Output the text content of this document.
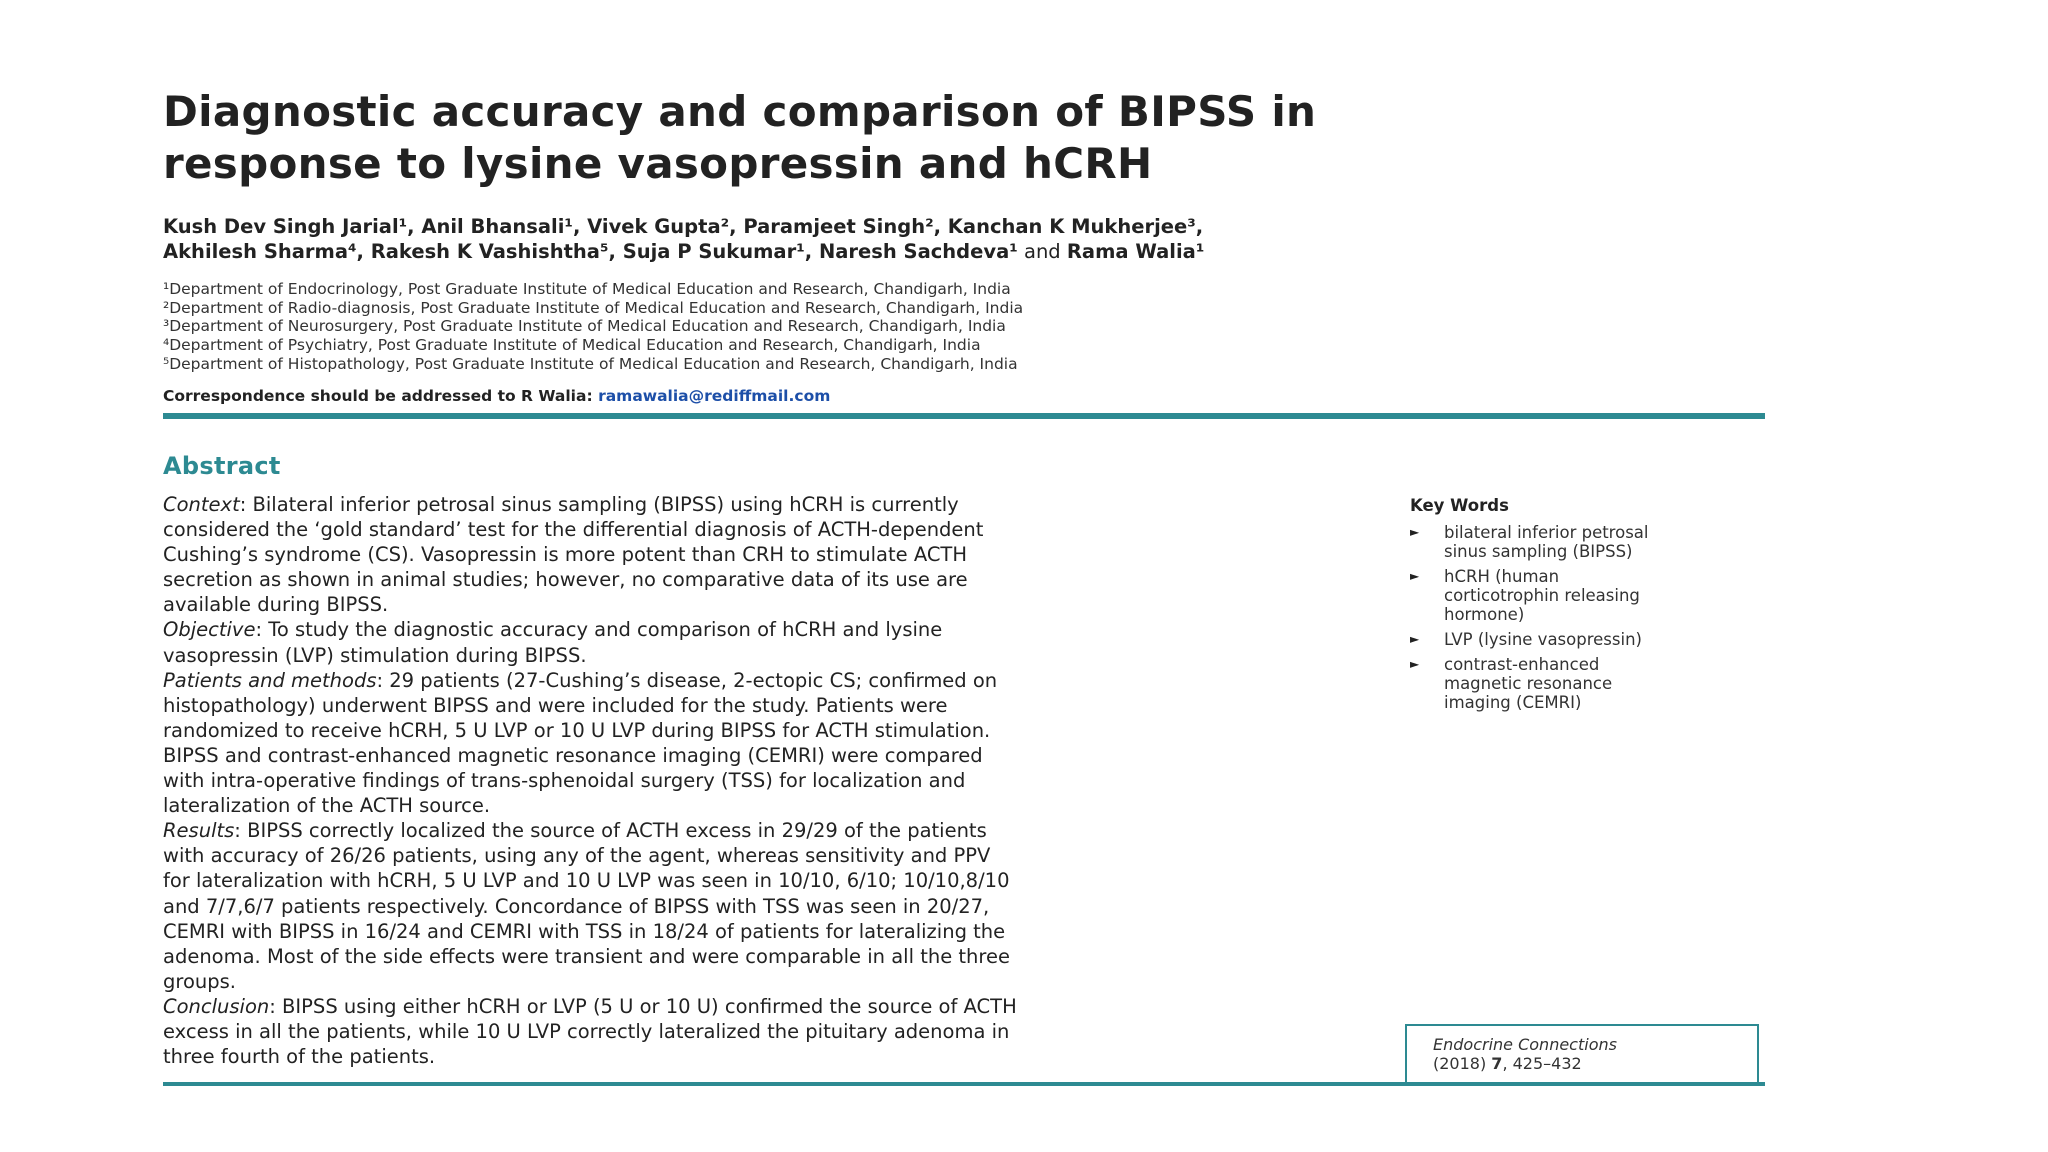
Diagnostic accuracy and comparison of BIPSS in
response to lysine vasopressin and hCRH
Kush Dev Singh Jarial¹, Anil Bhansali¹, Vivek Gupta², Paramjeet Singh², Kanchan K Mukherjee³,
Akhilesh Sharma⁴, Rakesh K Vashishtha⁵, Suja P Sukumar¹, Naresh Sachdeva¹ and Rama Walia¹
¹Department of Endocrinology, Post Graduate Institute of Medical Education and Research, Chandigarh, India
²Department of Radio-diagnosis, Post Graduate Institute of Medical Education and Research, Chandigarh, India
³Department of Neurosurgery, Post Graduate Institute of Medical Education and Research, Chandigarh, India
⁴Department of Psychiatry, Post Graduate Institute of Medical Education and Research, Chandigarh, India
⁵Department of Histopathology, Post Graduate Institute of Medical Education and Research, Chandigarh, India
Correspondence should be addressed to R Walia: ramawalia@rediffmail.com
Abstract

Context: Bilateral inferior petrosal sinus sampling (BIPSS) using hCRH is currently

considered the ‘gold standard’ test for the differential diagnosis of ACTH-dependent

Cushing’s syndrome (CS). Vasopressin is more potent than CRH to stimulate ACTH

secretion as shown in animal studies; however, no comparative data of its use are

available during BIPSS.

Objective: To study the diagnostic accuracy and comparison of hCRH and lysine

vasopressin (LVP) stimulation during BIPSS.

Patients and methods: 29 patients (27-Cushing’s disease, 2-ectopic CS; confirmed on

histopathology) underwent BIPSS and were included for the study. Patients were

randomized to receive hCRH, 5 U LVP or 10 U LVP during BIPSS for ACTH stimulation.

BIPSS and contrast-enhanced magnetic resonance imaging (CEMRI) were compared

with intra-operative findings of trans-sphenoidal surgery (TSS) for localization and

lateralization of the ACTH source.

Results: BIPSS correctly localized the source of ACTH excess in 29/29 of the patients

with accuracy of 26/26 patients, using any of the agent, whereas sensitivity and PPV

for lateralization with hCRH, 5 U LVP and 10 U LVP was seen in 10/10, 6/10; 10/10,8/10

and 7/7,6/7 patients respectively. Concordance of BIPSS with TSS was seen in 20/27,

CEMRI with BIPSS in 16/24 and CEMRI with TSS in 18/24 of patients for lateralizing the

adenoma. Most of the side effects were transient and were comparable in all the three

groups.

Conclusion: BIPSS using either hCRH or LVP (5 U or 10 U) confirmed the source of ACTH

excess in all the patients, while 10 U LVP correctly lateralized the pituitary adenoma in

three fourth of the patients.

Key Words
► bilateral inferior petrosal
sinus sampling (BIPSS)
► hCRH (human
corticotrophin releasing
hormone)
► LVP (lysine vasopressin)
► contrast-enhanced
magnetic resonance
imaging (CEMRI)
Endocrine Connections
(2018) 7, 425–432
